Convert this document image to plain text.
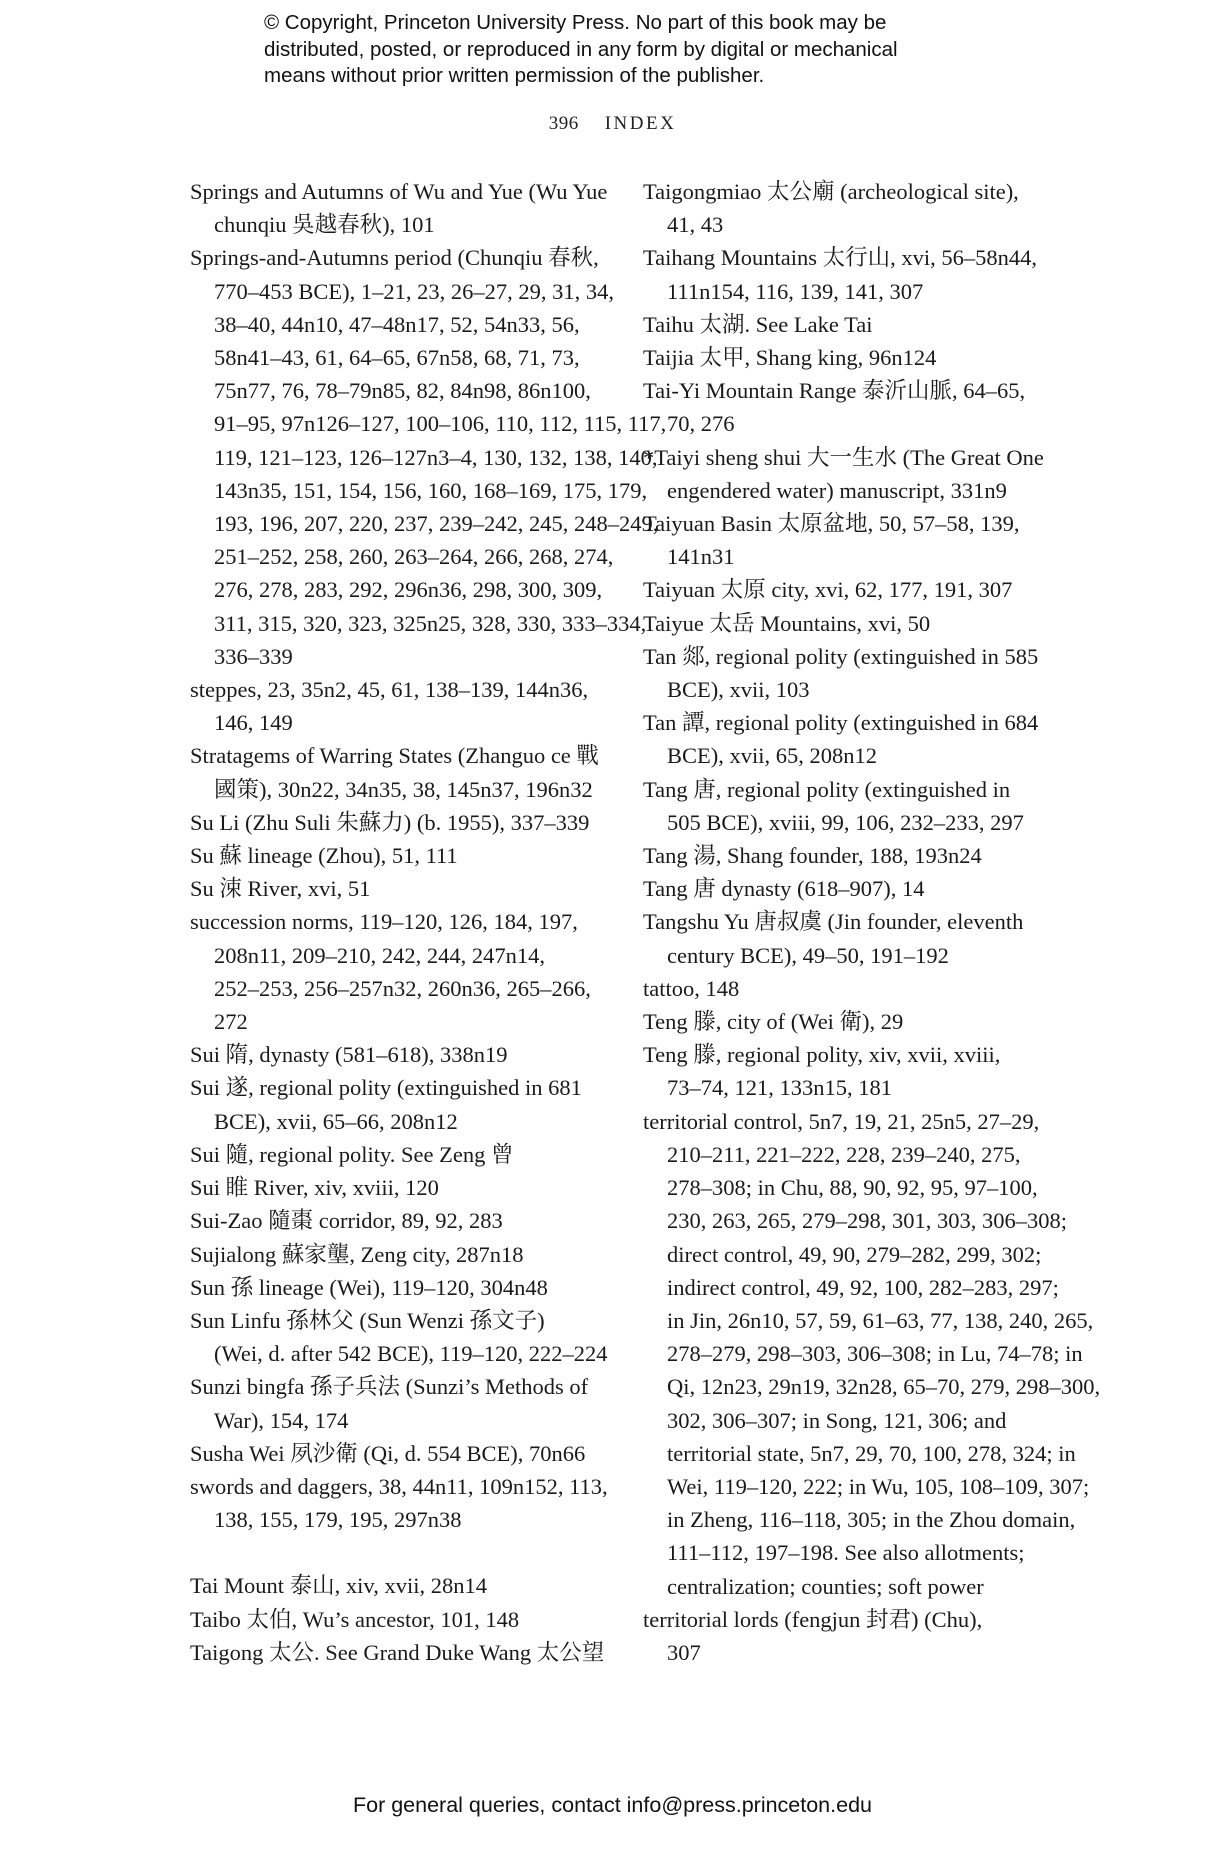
© Copyright, Princeton University Press. No part of this book may be
distributed, posted, or reproduced in any form by digital or mechanical
means without prior written permission of the publisher.
396 INDEX
Springs and Autumns of Wu and Yue (Wu Yue
chunqiu 吳越春秋), 101
Springs-and-Autumns period (Chunqiu 春秋,
770–453 BCE), 1–21, 23, 26–27, 29, 31, 34,
38–40, 44n10, 47–48n17, 52, 54n33, 56,
58n41–43, 61, 64–65, 67n58, 68, 71, 73,
75n77, 76, 78–79n85, 82, 84n98, 86n100,
91–95, 97n126–127, 100–106, 110, 112, 115, 117,
119, 121–123, 126–127n3–4, 130, 132, 138, 140,
143n35, 151, 154, 156, 160, 168–169, 175, 179,
193, 196, 207, 220, 237, 239–242, 245, 248–249,
251–252, 258, 260, 263–264, 266, 268, 274,
276, 278, 283, 292, 296n36, 298, 300, 309,
311, 315, 320, 323, 325n25, 328, 330, 333–334,
336–339
steppes, 23, 35n2, 45, 61, 138–139, 144n36,
146, 149
Stratagems of Warring States (Zhanguo ce 戰
國策), 30n22, 34n35, 38, 145n37, 196n32
Su Li (Zhu Suli 朱蘇力) (b. 1955), 337–339
Su 蘇 lineage (Zhou), 51, 111
Su 涑 River, xvi, 51
succession norms, 119–120, 126, 184, 197,
208n11, 209–210, 242, 244, 247n14,
252–253, 256–257n32, 260n36, 265–266,
272
Sui 隋, dynasty (581–618), 338n19
Sui 遂, regional polity (extinguished in 681
BCE), xvii, 65–66, 208n12
Sui 隨, regional polity. See Zeng 曾
Sui 睢 River, xiv, xviii, 120
Sui-Zao 隨棗 corridor, 89, 92, 283
Sujialong 蘇家壟, Zeng city, 287n18
Sun 孫 lineage (Wei), 119–120, 304n48
Sun Linfu 孫林父 (Sun Wenzi 孫文子)
(Wei, d. after 542 BCE), 119–120, 222–224
Sunzi bingfa 孫子兵法 (Sunzi’s Methods of
War), 154, 174
Susha Wei 夙沙衛 (Qi, d. 554 BCE), 70n66
swords and daggers, 38, 44n11, 109n152, 113,
138, 155, 179, 195, 297n38
Tai Mount 泰山, xiv, xvii, 28n14
Taibo 太伯, Wu’s ancestor, 101, 148
Taigong 太公. See Grand Duke Wang 太公望
Taigongmiao 太公廟 (archeological site),
41, 43
Taihang Mountains 太行山, xvi, 56–58n44,
111n154, 116, 139, 141, 307
Taihu 太湖. See Lake Tai
Taijia 太甲, Shang king, 96n124
Tai-Yi Mountain Range 泰沂山脈, 64–65,
70, 276
*Taiyi sheng shui 大一生水 (The Great One
engendered water) manuscript, 331n9
Taiyuan Basin 太原盆地, 50, 57–58, 139,
141n31
Taiyuan 太原 city, xvi, 62, 177, 191, 307
Taiyue 太岳 Mountains, xvi, 50
Tan 郯, regional polity (extinguished in 585
BCE), xvii, 103
Tan 譚, regional polity (extinguished in 684
BCE), xvii, 65, 208n12
Tang 唐, regional polity (extinguished in
505 BCE), xviii, 99, 106, 232–233, 297
Tang 湯, Shang founder, 188, 193n24
Tang 唐 dynasty (618–907), 14
Tangshu Yu 唐叔虞 (Jin founder, eleventh
century BCE), 49–50, 191–192
tattoo, 148
Teng 滕, city of (Wei 衛), 29
Teng 滕, regional polity, xiv, xvii, xviii,
73–74, 121, 133n15, 181
territorial control, 5n7, 19, 21, 25n5, 27–29,
210–211, 221–222, 228, 239–240, 275,
278–308; in Chu, 88, 90, 92, 95, 97–100,
230, 263, 265, 279–298, 301, 303, 306–308;
direct control, 49, 90, 279–282, 299, 302;
indirect control, 49, 92, 100, 282–283, 297;
in Jin, 26n10, 57, 59, 61–63, 77, 138, 240, 265,
278–279, 298–303, 306–308; in Lu, 74–78; in
Qi, 12n23, 29n19, 32n28, 65–70, 279, 298–300,
302, 306–307; in Song, 121, 306; and
territorial state, 5n7, 29, 70, 100, 278, 324; in
Wei, 119–120, 222; in Wu, 105, 108–109, 307;
in Zheng, 116–118, 305; in the Zhou domain,
111–112, 197–198. See also allotments;
centralization; counties; soft power
territorial lords (fengjun 封君) (Chu),
307
For general queries, contact info@press.princeton.edu
